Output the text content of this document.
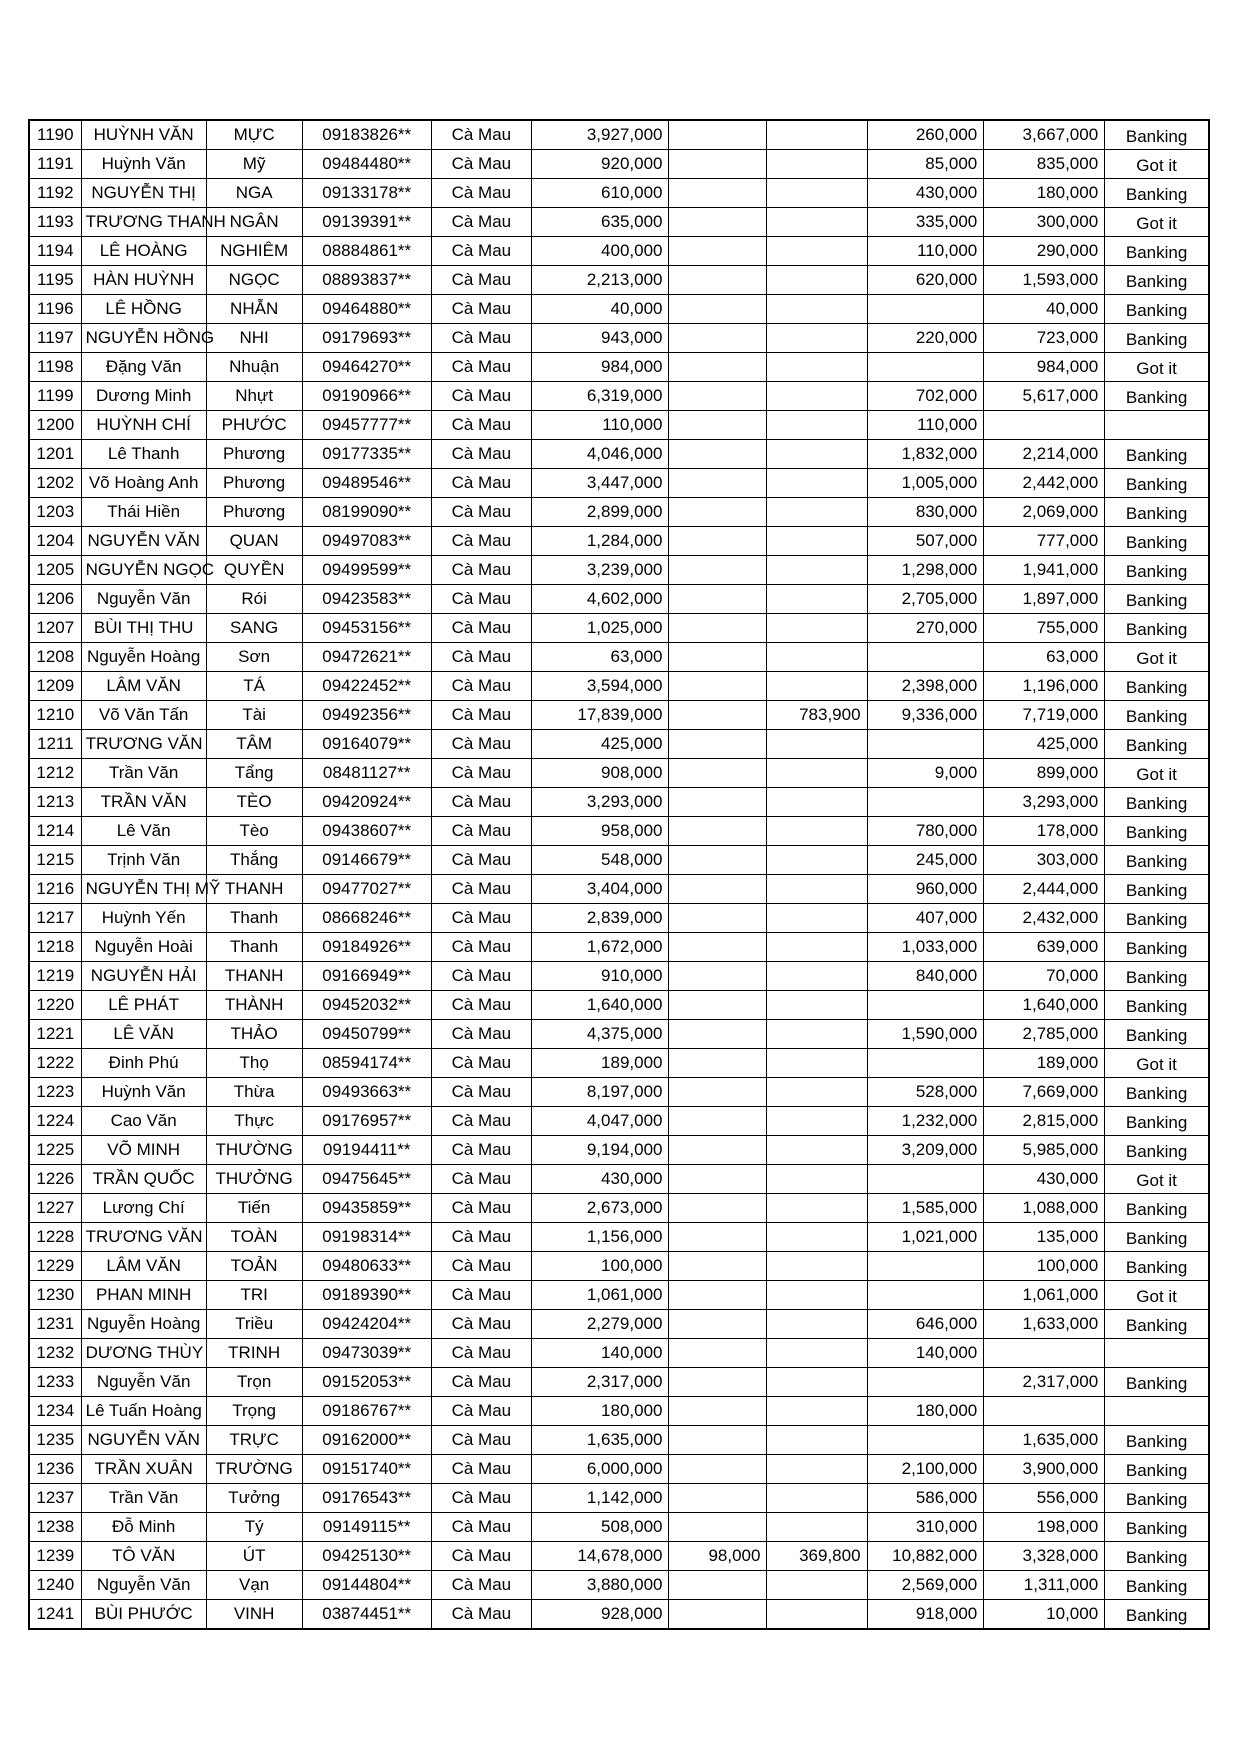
1190	HUỲNH VĂN	MỰC	09183826**	Cà Mau	3,927,000			260,000	3,667,000	Banking
1191	Huỳnh Văn	Mỹ	09484480**	Cà Mau	920,000			85,000	835,000	Got it
1192	NGUYỄN THỊ	NGA	09133178**	Cà Mau	610,000			430,000	180,000	Banking
1193	TRƯƠNG THANH	NGÂN	09139391**	Cà Mau	635,000			335,000	300,000	Got it
1194	LÊ HOÀNG	NGHIÊM	08884861**	Cà Mau	400,000			110,000	290,000	Banking
1195	HÀN HUỲNH	NGỌC	08893837**	Cà Mau	2,213,000			620,000	1,593,000	Banking
1196	LÊ HỒNG	NHẪN	09464880**	Cà Mau	40,000				40,000	Banking
1197	NGUYỄN HỒNG	NHI	09179693**	Cà Mau	943,000			220,000	723,000	Banking
1198	Đặng Văn	Nhuận	09464270**	Cà Mau	984,000				984,000	Got it
1199	Dương Minh	Nhựt	09190966**	Cà Mau	6,319,000			702,000	5,617,000	Banking
1200	HUỲNH CHÍ	PHƯỚC	09457777**	Cà Mau	110,000			110,000		
1201	Lê Thanh	Phương	09177335**	Cà Mau	4,046,000			1,832,000	2,214,000	Banking
1202	Võ Hoàng Anh	Phương	09489546**	Cà Mau	3,447,000			1,005,000	2,442,000	Banking
1203	Thái Hiền	Phương	08199090**	Cà Mau	2,899,000			830,000	2,069,000	Banking
1204	NGUYỄN VĂN	QUAN	09497083**	Cà Mau	1,284,000			507,000	777,000	Banking
1205	NGUYỄN NGỌC	QUYỀN	09499599**	Cà Mau	3,239,000			1,298,000	1,941,000	Banking
1206	Nguyễn Văn	Rói	09423583**	Cà Mau	4,602,000			2,705,000	1,897,000	Banking
1207	BÙI THỊ THU	SANG	09453156**	Cà Mau	1,025,000			270,000	755,000	Banking
1208	Nguyễn Hoàng	Sơn	09472621**	Cà Mau	63,000				63,000	Got it
1209	LÂM VĂN	TÁ	09422452**	Cà Mau	3,594,000			2,398,000	1,196,000	Banking
1210	Võ Văn Tấn	Tài	09492356**	Cà Mau	17,839,000		783,900	9,336,000	7,719,000	Banking
1211	TRƯƠNG VĂN	TÂM	09164079**	Cà Mau	425,000				425,000	Banking
1212	Trần Văn	Tẩng	08481127**	Cà Mau	908,000			9,000	899,000	Got it
1213	TRẦN VĂN	TÈO	09420924**	Cà Mau	3,293,000				3,293,000	Banking
1214	Lê Văn	Tèo	09438607**	Cà Mau	958,000			780,000	178,000	Banking
1215	Trịnh Văn	Thắng	09146679**	Cà Mau	548,000			245,000	303,000	Banking
1216	NGUYỄN THỊ MỸ	THANH	09477027**	Cà Mau	3,404,000			960,000	2,444,000	Banking
1217	Huỳnh Yến	Thanh	08668246**	Cà Mau	2,839,000			407,000	2,432,000	Banking
1218	Nguyễn Hoài	Thanh	09184926**	Cà Mau	1,672,000			1,033,000	639,000	Banking
1219	NGUYỄN HẢI	THANH	09166949**	Cà Mau	910,000			840,000	70,000	Banking
1220	LÊ PHÁT	THÀNH	09452032**	Cà Mau	1,640,000				1,640,000	Banking
1221	LÊ VĂN	THẢO	09450799**	Cà Mau	4,375,000			1,590,000	2,785,000	Banking
1222	Đinh Phú	Thọ	08594174**	Cà Mau	189,000				189,000	Got it
1223	Huỳnh Văn	Thừa	09493663**	Cà Mau	8,197,000			528,000	7,669,000	Banking
1224	Cao Văn	Thực	09176957**	Cà Mau	4,047,000			1,232,000	2,815,000	Banking
1225	VÕ MINH	THƯỜNG	09194411**	Cà Mau	9,194,000			3,209,000	5,985,000	Banking
1226	TRẦN QUỐC	THƯỞNG	09475645**	Cà Mau	430,000				430,000	Got it
1227	Lương Chí	Tiến	09435859**	Cà Mau	2,673,000			1,585,000	1,088,000	Banking
1228	TRƯƠNG VĂN	TOÀN	09198314**	Cà Mau	1,156,000			1,021,000	135,000	Banking
1229	LÂM VĂN	TOẢN	09480633**	Cà Mau	100,000				100,000	Banking
1230	PHAN MINH	TRI	09189390**	Cà Mau	1,061,000				1,061,000	Got it
1231	Nguyễn Hoàng	Triều	09424204**	Cà Mau	2,279,000			646,000	1,633,000	Banking
1232	DƯƠNG THÙY	TRINH	09473039**	Cà Mau	140,000			140,000		
1233	Nguyễn Văn	Trọn	09152053**	Cà Mau	2,317,000				2,317,000	Banking
1234	Lê Tuấn Hoàng	Trọng	09186767**	Cà Mau	180,000			180,000		
1235	NGUYỄN VĂN	TRỰC	09162000**	Cà Mau	1,635,000				1,635,000	Banking
1236	TRẦN XUÂN	TRƯỜNG	09151740**	Cà Mau	6,000,000			2,100,000	3,900,000	Banking
1237	Trần Văn	Tưởng	09176543**	Cà Mau	1,142,000			586,000	556,000	Banking
1238	Đỗ Minh	Tý	09149115**	Cà Mau	508,000			310,000	198,000	Banking
1239	TÔ VĂN	ÚT	09425130**	Cà Mau	14,678,000	98,000	369,800	10,882,000	3,328,000	Banking
1240	Nguyễn Văn	Vạn	09144804**	Cà Mau	3,880,000			2,569,000	1,311,000	Banking
1241	BÙI PHƯỚC	VINH	03874451**	Cà Mau	928,000			918,000	10,000	Banking
